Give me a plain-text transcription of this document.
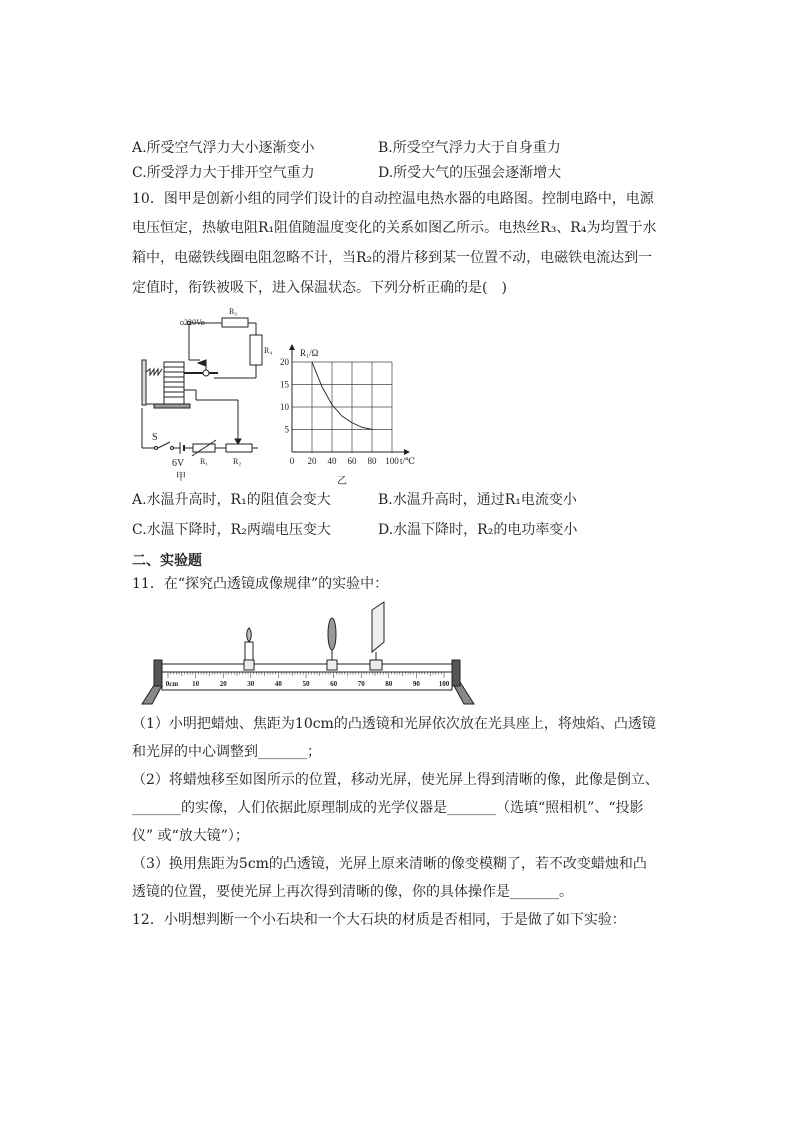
A.所受空气浮力大小逐渐变小	B.所受空气浮力大于自身重力
C.所受浮力大于排开空气重力	D.所受大气的压强会逐渐增大
10．图甲是创新小组的同学们设计的自动控温电热水器的电路图。控制电路中，电源
电压恒定，热敏电阻R₁阻值随温度变化的关系如图乙所示。电热丝R₃、R₄为均置于水
箱中，电磁铁线圈电阻忽略不计，当R₂的滑片移到某一位置不动，电磁铁电流达到一
定值时，衔铁被吸下，进入保温状态。下列分析正确的是(　)
o220Vo
R₃
R₄
S
6V R₁	R₂
甲
0 20 40 60 80 100
5
10
15
20
R₁/Ω
t/℃
乙
A.水温升高时，R₁的阻值会变大	B.水温升高时，通过R₁电流变小
C.水温下降时，R₂两端电压变大	D.水温下降时，R₂的电功率变小
二、实验题
11．在“探究凸透镜成像规律”的实验中：
0cm 10	20	30	40	50	60	70	80	90	100
（1）小明把蜡烛、焦距为10cm的凸透镜和光屏依次放在光具座上，将烛焰、凸透镜
和光屏的中心调整到_______；
（2）将蜡烛移至如图所示的位置，移动光屏，使光屏上得到清晰的像，此像是倒立、
_______的实像，人们依据此原理制成的光学仪器是_______（选填“照相机”、“投影
仪” 或“放大镜”）；
（3）换用焦距为5cm的凸透镜，光屏上原来清晰的像变模糊了，若不改变蜡烛和凸
透镜的位置，要使光屏上再次得到清晰的像，你的具体操作是_______。
12．小明想判断一个小石块和一个大石块的材质是否相同，于是做了如下实验：
